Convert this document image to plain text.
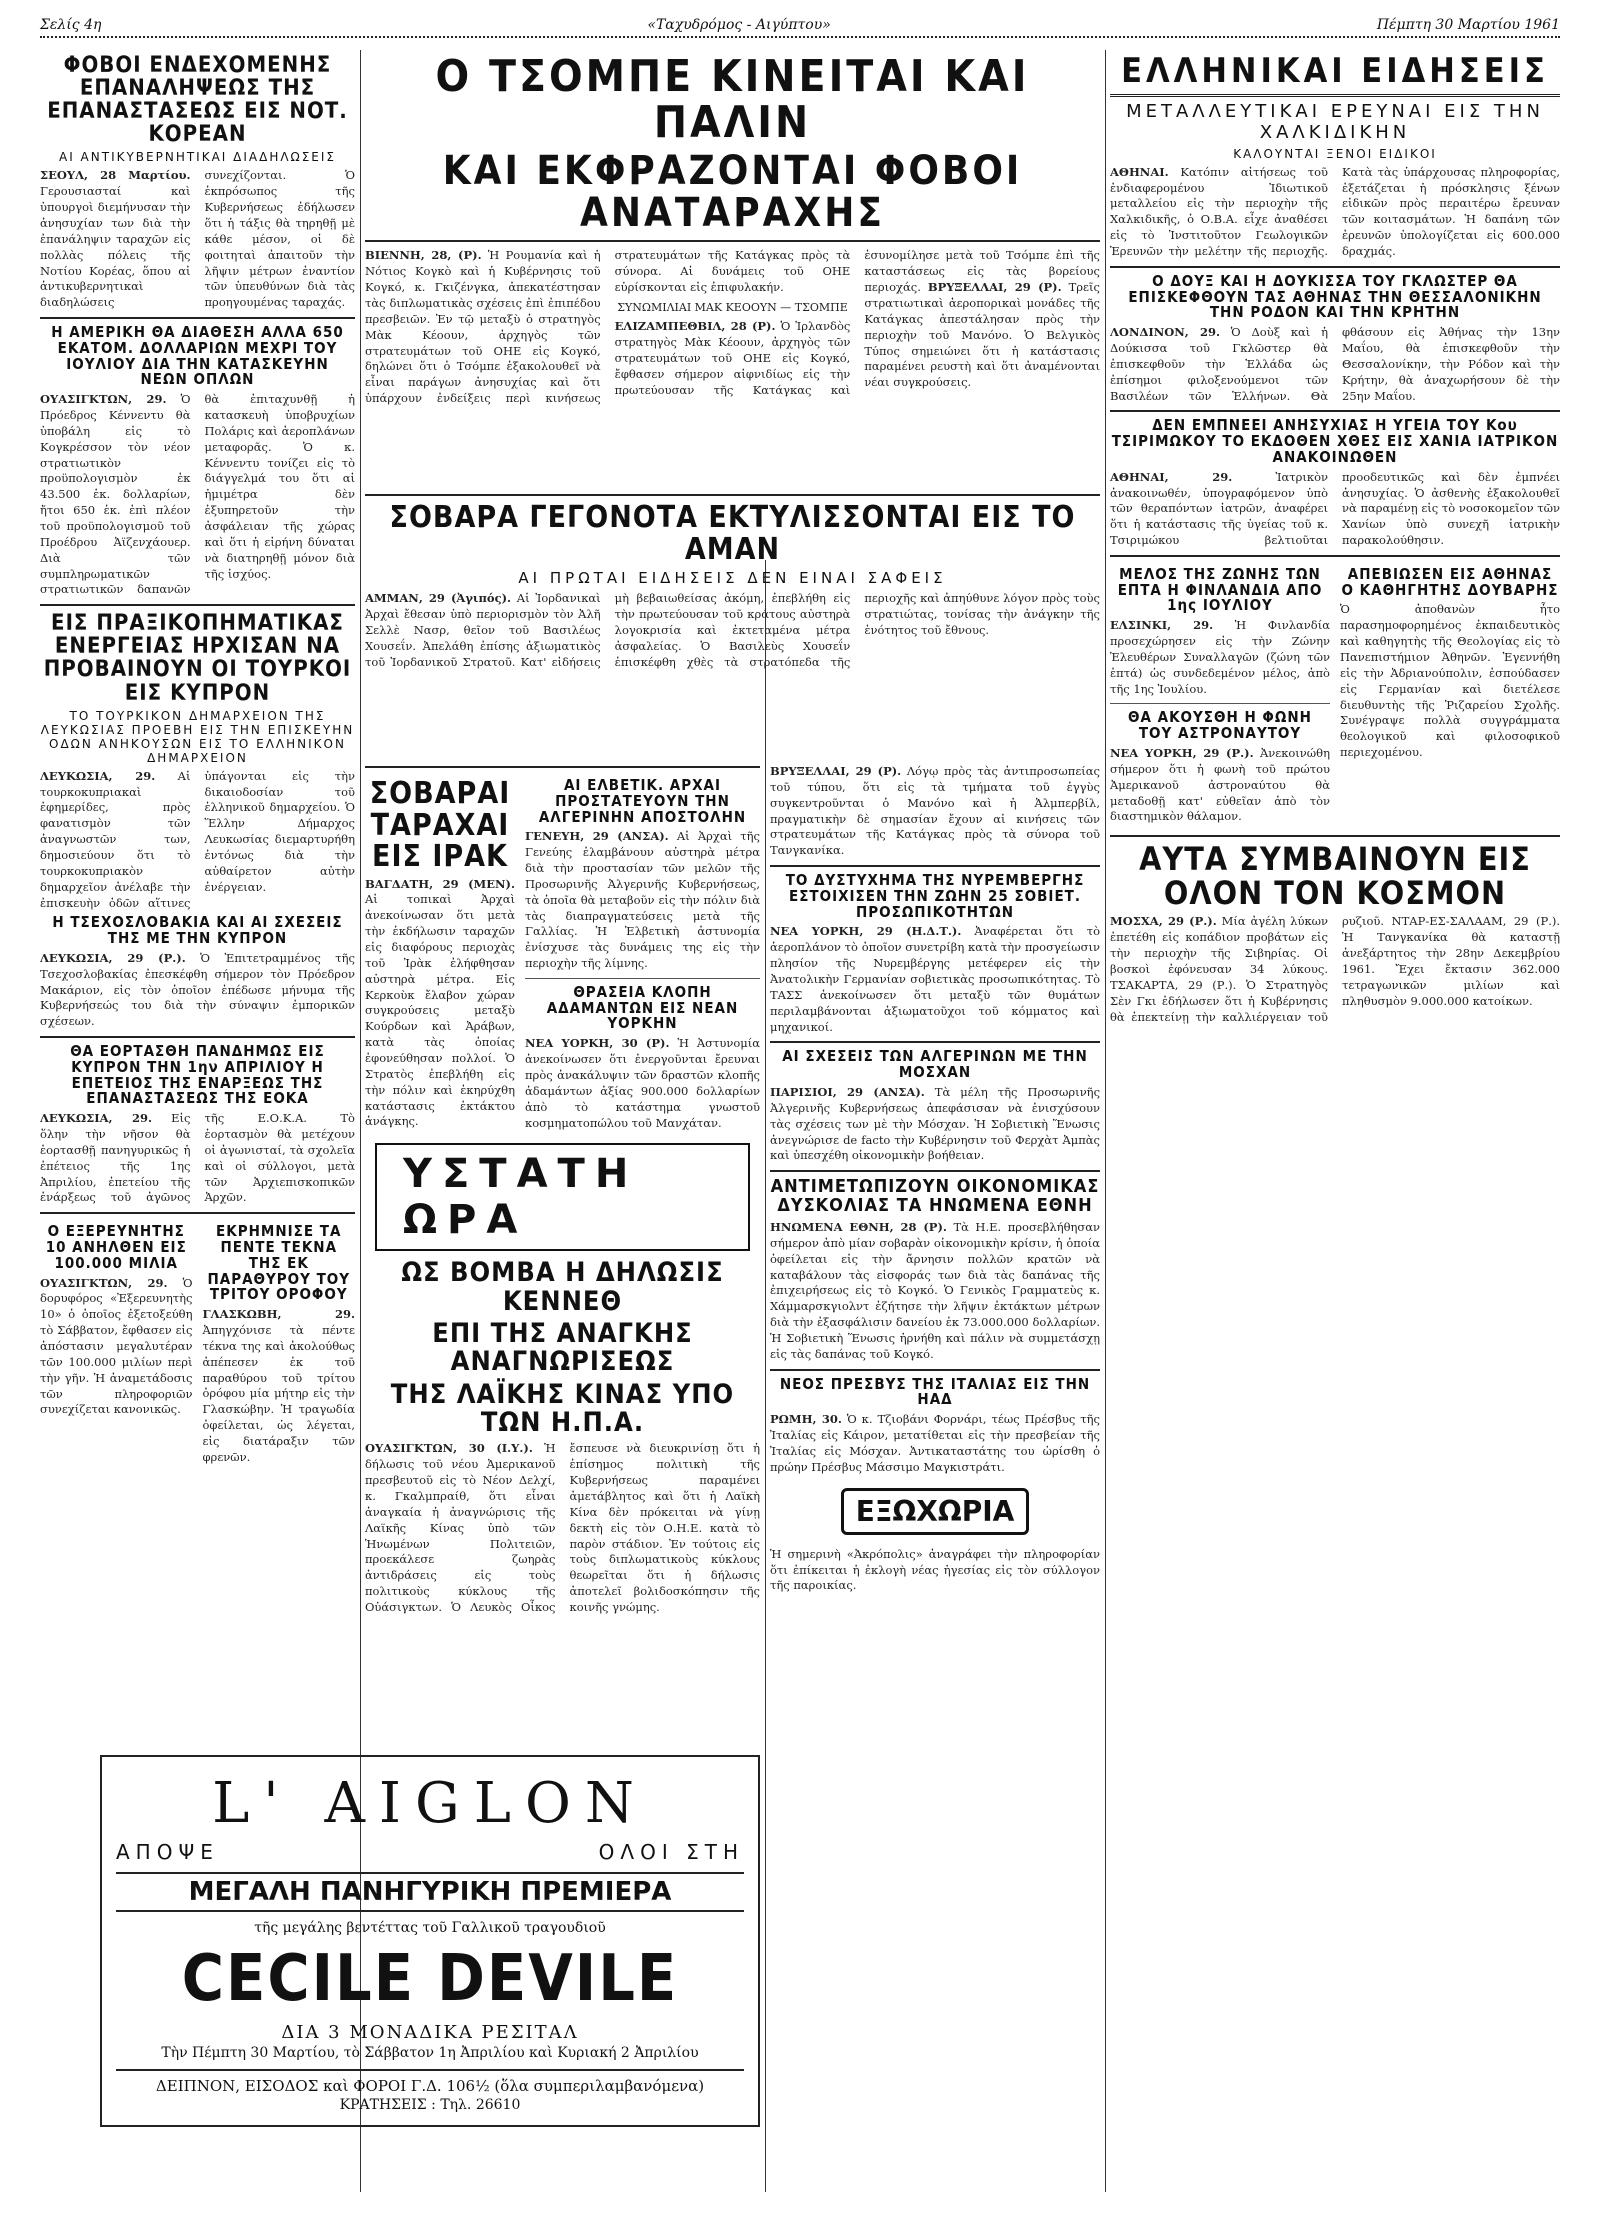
Σελίς 4η	«Ταχυδρόμος - Αιγύπτου»	Πέμπτη 30 Μαρτίου 1961
ΦΟΒΟΙ ΕΝΔΕΧΟΜΕΝΗΣ ΕΠΑΝΑΛΗΨΕΩΣ ΤΗΣ ΕΠΑΝΑΣΤΑΣΕΩΣ ΕΙΣ ΝΟΤ. ΚΟΡΕΑΝ
ΑΙ ΑΝΤΙΚΥΒΕΡΝΗΤΙΚΑΙ ΔΙΑΔΗΛΩΣΕΙΣ
ΣΕΟΥΛ, 28 Μαρτίου. Γερουσιασταί καὶ ὑπουργοὶ διεμήνυσαν τὴν ἀνησυχίαν των διὰ τὴν ἐπανάληψιν ταραχῶν εἰς πολλὰς πόλεις τῆς Νοτίου Κορέας, ὅπου αἱ ἀντικυβερνητικαὶ διαδηλώσεις συνεχίζονται. Ὁ ἐκπρόσωπος τῆς Κυβερνήσεως ἐδήλωσεν ὅτι ἡ τάξις θὰ τηρηθῇ μὲ κάθε μέσον, οἱ δὲ φοιτηταὶ ἀπαιτοῦν τὴν λῆψιν μέτρων ἐναντίον τῶν ὑπευθύνων διὰ τὰς προηγουμένας ταραχάς.
Η ΑΜΕΡΙΚΗ ΘΑ ΔΙΑΘΕΣΗ ΑΛΛΑ 650 ΕΚΑΤΟΜ. ΔΟΛΛΑΡΙΩΝ ΜΕΧΡΙ ΤΟΥ ΙΟΥΛΙΟΥ ΔΙΑ ΤΗΝ ΚΑΤΑΣΚΕΥΗΝ ΝΕΩΝ ΟΠΛΩΝ
ΟΥΑΣΙΓΚΤΩΝ, 29. Ὁ Πρόεδρος Κέννεντυ θὰ ὑποβάλη εἰς τὸ Κογκρέσσον τὸν νέον στρατιωτικὸν προϋπολογισμὸν ἐκ 43.500 ἑκ. δολλαρίων, ἤτοι 650 ἑκ. ἐπὶ πλέον τοῦ προϋπολογισμοῦ τοῦ Προέδρου Ἀϊζενχάουερ. Διὰ τῶν συμπληρωματικῶν στρατιωτικῶν δαπανῶν θὰ ἐπιταχυνθῇ ἡ κατασκευὴ ὑποβρυχίων Πολάρις καὶ ἀεροπλάνων μεταφορᾶς. Ὁ κ. Κέννεντυ τονίζει εἰς τὸ διάγγελμά του ὅτι αἱ ἡμιμέτρα δὲν ἐξυπηρετοῦν τὴν ἀσφάλειαν τῆς χώρας καὶ ὅτι ἡ εἰρήνη δύναται νὰ διατηρηθῇ μόνον διὰ τῆς ἰσχύος.
ΕΙΣ ΠΡΑΞΙΚΟΠΗΜΑΤΙΚΑΣ ΕΝΕΡΓΕΙΑΣ ΗΡΧΙΣΑΝ ΝΑ ΠΡΟΒΑΙΝΟΥΝ ΟΙ ΤΟΥΡΚΟΙ ΕΙΣ ΚΥΠΡΟΝ
ΤΟ ΤΟΥΡΚΙΚΟΝ ΔΗΜΑΡΧΕΙΟΝ ΤΗΣ ΛΕΥΚΩΣΙΑΣ ΠΡΟΕΒΗ ΕΙΣ ΤΗΝ ΕΠΙΣΚΕΥΗΝ ΟΔΩΝ ΑΝΗΚΟΥΣΩΝ ΕΙΣ ΤΟ ΕΛΛΗΝΙΚΟΝ ΔΗΜΑΡΧΕΙΟΝ
ΛΕΥΚΩΣΙΑ, 29. Αἱ τουρκοκυπριακαὶ ἐφημερίδες, πρὸς φανατισμὸν τῶν ἀναγνωστῶν των, δημοσιεύουν ὅτι τὸ τουρκοκυπριακὸν δημαρχεῖον ἀνέλαβε τὴν ἐπισκευὴν ὁδῶν αἵτινες ὑπάγονται εἰς τὴν δικαιοδοσίαν τοῦ ἑλληνικοῦ δημαρχείου. Ὁ Ἕλλην Δήμαρχος Λευκωσίας διεμαρτυρήθη ἐντόνως διὰ τὴν αὐθαίρετον αὐτὴν ἐνέργειαν.
Η ΤΣΕΧΟΣΛΟΒΑΚΙΑ ΚΑΙ ΑΙ ΣΧΕΣΕΙΣ ΤΗΣ ΜΕ ΤΗΝ ΚΥΠΡΟΝ
ΛΕΥΚΩΣΙΑ, 29 (Ρ.). Ὁ Ἐπιτετραμμένος τῆς Τσεχοσλοβακίας ἐπεσκέφθη σήμερον τὸν Πρόεδρον Μακάριον, εἰς τὸν ὁποῖον ἐπέδωσε μήνυμα τῆς Κυβερνήσεώς του διὰ τὴν σύναψιν ἐμπορικῶν σχέσεων.
ΘΑ ΕΟΡΤΑΣΘΗ ΠΑΝΔΗΜΩΣ ΕΙΣ ΚΥΠΡΟΝ ΤΗΝ 1ην ΑΠΡΙΛΙΟΥ Η ΕΠΕΤΕΙΟΣ ΤΗΣ ΕΝΑΡΞΕΩΣ ΤΗΣ ΕΠΑΝΑΣΤΑΣΕΩΣ ΤΗΣ ΕΟΚΑ
ΛΕΥΚΩΣΙΑ, 29. Εἰς ὅλην τὴν νῆσον θὰ ἑορτασθῇ πανηγυρικῶς ἡ ἐπέτειος τῆς 1ης Ἀπριλίου, ἐπετείου τῆς ἐνάρξεως τοῦ ἀγῶνος τῆς Ε.Ο.Κ.Α. Τὸ ἑορτασμὸν θὰ μετέχουν οἱ ἀγωνισταί, τὰ σχολεῖα καὶ οἱ σύλλογοι, μετὰ τῶν Ἀρχιεπισκοπικῶν Ἀρχῶν.
Ο ΕΞΕΡΕΥΝΗΤΗΣ 10 ΑΝΗΛΘΕΝ ΕΙΣ 100.000 ΜΙΛΙΑ
ΟΥΑΣΙΓΚΤΩΝ, 29. Ὁ δορυφόρος «Ἐξερευνητὴς 10» ὁ ὁποῖος ἐξετοξεύθη τὸ Σάββατον, ἔφθασεν εἰς ἀπόστασιν μεγαλυτέραν τῶν 100.000 μιλίων περὶ τὴν γῆν. Ἡ ἀναμετάδοσις τῶν πληροφοριῶν συνεχίζεται κανονικῶς.
ΕΚΡΗΜΝΙΣΕ ΤΑ ΠΕΝΤΕ ΤΕΚΝΑ ΤΗΣ ΕΚ ΠΑΡΑΘΥΡΟΥ ΤΟΥ ΤΡΙΤΟΥ ΟΡΟΦΟΥ
ΓΛΑΣΚΩΒΗ, 29. Ἀπηγχόνισε τὰ πέντε τέκνα της καὶ ἀκολούθως ἀπέπεσεν ἐκ τοῦ παραθύρου τοῦ τρίτου ὀρόφου μία μήτηρ εἰς τὴν Γλασκώβην. Ἡ τραγωδία ὀφείλεται, ὡς λέγεται, εἰς διατάραξιν τῶν φρενῶν.
L' AIGLON
ΑΠΟΨΕ	ΟΛΟΙ ΣΤΗ
ΜΕΓΑΛΗ ΠΑΝΗΓΥΡΙΚΗ ΠΡΕΜΙΕΡΑ
τῆς μεγάλης βεντέττας τοῦ Γαλλικοῦ τραγουδιοῦ
CECILE DEVILE
ΔΙΑ 3 ΜΟΝΑΔΙΚΑ ΡΕΣΙΤΑΛ
Τὴν Πέμπτη 30 Μαρτίου, τὸ Σάββατον 1η Ἀπριλίου καὶ Κυριακή 2 Ἀπριλίου
ΔΕΙΠΝΟΝ, ΕΙΣΟΔΟΣ καὶ ΦΟΡΟΙ Γ.Δ. 106½ (ὅλα συμπεριλαμβανόμενα)
ΚΡΑΤΗΣΕΙΣ : Τηλ. 26610
Ο ΤΣΟΜΠΕ ΚΙΝΕΙΤΑΙ ΚΑΙ ΠΑΛΙΝ
ΚΑΙ ΕΚΦΡΑΖΟΝΤΑΙ ΦΟΒΟΙ ΑΝΑΤΑΡΑΧΗΣ
ΒΙΕΝΝΗ, 28, (Ρ). Ἡ Ρουμανία καὶ ἡ Νότιος Κογκὸ καὶ ἡ Κυβέρνησις τοῦ Κογκό, κ. Γκιζένγκα, ἀπεκατέστησαν τὰς διπλωματικὰς σχέσεις ἐπὶ ἐπιπέδου πρεσβειῶν. Ἐν τῷ μεταξὺ ὁ στρατηγὸς Μὰκ Κέοουν, ἀρχηγὸς τῶν στρατευμάτων τοῦ ΟΗΕ εἰς Κογκό, δηλώνει ὅτι ὁ Τσόμπε ἐξακολουθεῖ νὰ εἶναι παράγων ἀνησυχίας καὶ ὅτι ὑπάρχουν ἐνδείξεις περὶ κινήσεως στρατευμάτων τῆς Κατάγκας πρὸς τὰ σύνορα. Αἱ δυνάμεις τοῦ ΟΗΕ εὑρίσκονται εἰς ἐπιφυλακήν.
ΣΥΝΩΜΙΛΙΑΙ ΜΑΚ ΚΕΟΟΥΝ — ΤΣΟΜΠΕ
ΕΛΙΖΑΜΠΕΘΒΙΛ, 28 (Ρ). Ὁ Ἰρλανδὸς στρατηγὸς Μὰκ Κέοουν, ἀρχηγὸς τῶν στρατευμάτων τοῦ ΟΗΕ εἰς Κογκό, ἔφθασεν σήμερον αἰφνιδίως εἰς τὴν πρωτεύουσαν τῆς Κατάγκας καὶ ἐσυνομίλησε μετὰ τοῦ Τσόμπε ἐπὶ τῆς καταστάσεως εἰς τὰς βορείους περιοχάς. ΒΡΥΞΕΛΛΑΙ, 29 (Ρ). Τρεῖς στρατιωτικαὶ ἀεροπορικαὶ μονάδες τῆς Κατάγκας ἀπεστάλησαν πρὸς τὴν περιοχὴν τοῦ Μανόνο. Ὁ Βελγικὸς Τύπος σημειώνει ὅτι ἡ κατάστασις παραμένει ρευστὴ καὶ ὅτι ἀναμένονται νέαι συγκρούσεις.
ΣΟΒΑΡΑ ΓΕΓΟΝΟΤΑ ΕΚΤΥΛΙΣΣΟΝΤΑΙ ΕΙΣ ΤΟ ΑΜΑΝ
ΑΙ ΠΡΩΤΑΙ ΕΙΔΗΣΕΙΣ ΔΕΝ ΕΙΝΑΙ ΣΑΦΕΙΣ
ΑΜΜΑΝ, 29 (Ἀγιπός). Αἱ Ἰορδανικαὶ Ἀρχαὶ ἔθεσαν ὑπὸ περιορισμὸν τὸν Ἀλῆ Σελλὲ Νασρ, θεῖον τοῦ Βασιλέως Χουσεΐν. Ἀπελάθη ἐπίσης ἀξιωματικὸς τοῦ Ἰορδανικοῦ Στρατοῦ. Κατ' εἰδήσεις μὴ βεβαιωθείσας ἀκόμη, ἐπεβλήθη εἰς τὴν πρωτεύουσαν τοῦ κράτους αὐστηρὰ λογοκρισία καὶ ἐκτεταμένα μέτρα ἀσφαλείας. Ὁ Βασιλεὺς Χουσεΐν ἐπισκέφθη χθὲς τὰ στρατόπεδα τῆς περιοχῆς καὶ ἀπηύθυνε λόγον πρὸς τοὺς στρατιώτας, τονίσας τὴν ἀνάγκην τῆς ἑνότητος τοῦ ἔθνους.
ΣΟΒΑΡΑΙ ΤΑΡΑΧΑΙ ΕΙΣ ΙΡΑΚ
ΒΑΓΔΑΤΗ, 29 (ΜΕΝ). Αἱ τοπικαὶ Ἀρχαὶ ἀνεκοίνωσαν ὅτι μετὰ τὴν ἐκδήλωσιν ταραχῶν εἰς διαφόρους περιοχὰς τοῦ Ἰρὰκ ἐλήφθησαν αὐστηρὰ μέτρα. Εἰς Κερκοὺκ ἔλαβον χώραν συγκρούσεις μεταξὺ Κούρδων καὶ Ἀράβων, κατὰ τὰς ὁποίας ἐφονεύθησαν πολλοί. Ὁ Στρατὸς ἐπεβλήθη εἰς τὴν πόλιν καὶ ἐκηρύχθη κατάστασις ἐκτάκτου ἀνάγκης.
ΑΙ ΕΛΒΕΤΙΚ. ΑΡΧΑΙ ΠΡΟΣΤΑΤΕΥΟΥΝ ΤΗΝ ΑΛΓΕΡΙΝΗΝ ΑΠΟΣΤΟΛΗΝ
ΓΕΝΕΥΗ, 29 (ΑΝΣΑ). Αἱ Ἀρχαὶ τῆς Γενεύης ἐλαμβάνουν αὐστηρὰ μέτρα διὰ τὴν προστασίαν τῶν μελῶν τῆς Προσωρινῆς Ἀλγερινῆς Κυβερνήσεως, τὰ ὁποῖα θὰ μεταβοῦν εἰς τὴν πόλιν διὰ τὰς διαπραγματεύσεις μετὰ τῆς Γαλλίας. Ἡ Ἑλβετικὴ ἀστυνομία ἐνίσχυσε τὰς δυνάμεις της εἰς τὴν περιοχὴν τῆς λίμνης.
ΘΡΑΣΕΙΑ ΚΛΟΠΗ ΑΔΑΜΑΝΤΩΝ ΕΙΣ ΝΕΑΝ ΥΟΡΚΗΝ
ΝΕΑ ΥΟΡΚΗ, 30 (Ρ). Ἡ Ἀστυνομία ἀνεκοίνωσεν ὅτι ἐνεργοῦνται ἔρευναι πρὸς ἀνακάλυψιν τῶν δραστῶν κλοπῆς ἀδαμάντων ἀξίας 900.000 δολλαρίων ἀπὸ τὸ κατάστημα γνωστοῦ κοσμηματοπώλου τοῦ Μανχάταν.
ΥΣΤΑΤΗ ΩΡΑ
ΩΣ ΒΟΜΒΑ Η ΔΗΛΩΣΙΣ ΚΕΝΝΕΘ
ΕΠΙ ΤΗΣ ΑΝΑΓΚΗΣ ΑΝΑΓΝΩΡΙΣΕΩΣ
ΤΗΣ ΛΑΪΚΗΣ ΚΙΝΑΣ ΥΠΟ ΤΩΝ Η.Π.Α.
ΟΥΑΣΙΓΚΤΩΝ, 30 (Ι.Υ.). Ἡ δήλωσις τοῦ νέου Ἀμερικανοῦ πρεσβευτοῦ εἰς τὸ Νέον Δελχί, κ. Γκαλμπραίθ, ὅτι εἶναι ἀναγκαία ἡ ἀναγνώρισις τῆς Λαϊκῆς Κίνας ὑπὸ τῶν Ἡνωμένων Πολιτειῶν, προεκάλεσε ζωηρὰς ἀντιδράσεις εἰς τοὺς πολιτικοὺς κύκλους τῆς Οὐάσιγκτων. Ὁ Λευκὸς Οἶκος ἔσπευσε νὰ διευκρινίσῃ ὅτι ἡ ἐπίσημος πολιτικὴ τῆς Κυβερνήσεως παραμένει ἀμετάβλητος καὶ ὅτι ἡ Λαϊκὴ Κίνα δὲν πρόκειται νὰ γίνῃ δεκτὴ εἰς τὸν Ο.Η.Ε. κατὰ τὸ παρὸν στάδιον. Ἐν τούτοις εἰς τοὺς διπλωματικοὺς κύκλους θεωρεῖται ὅτι ἡ δήλωσις ἀποτελεῖ βολιδοσκόπησιν τῆς κοινῆς γνώμης.
ΒΡΥΞΕΛΛΑΙ, 29 (Ρ). Λόγῳ πρὸς τὰς ἀντιπροσωπείας τοῦ τύπου, ὅτι εἰς τὰ τμήματα τοῦ ἐγγὺς συγκεντροῦνται ὁ Μανόνο καὶ ἡ Ἀλμπερβίλ, πραγματικὴν δὲ σημασίαν ἔχουν αἱ κινήσεις τῶν στρατευμάτων τῆς Κατάγκας πρὸς τὰ σύνορα τοῦ Τανγκανίκα.
ΤΟ ΔΥΣΤΥΧΗΜΑ ΤΗΣ ΝΥΡΕΜΒΕΡΓΗΣ ΕΣΤΟΙΧΙΣΕΝ ΤΗΝ ΖΩΗΝ 25 ΣΟΒΙΕΤ. ΠΡΟΣΩΠΙΚΟΤΗΤΩΝ
ΝΕΑ ΥΟΡΚΗ, 29 (Η.Δ.Τ.). Ἀναφέρεται ὅτι τὸ ἀεροπλάνον τὸ ὁποῖον συνετρίβη κατὰ τὴν προσγείωσιν πλησίον τῆς Νυρεμβέργης μετέφερεν εἰς τὴν Ἀνατολικὴν Γερμανίαν σοβιετικὰς προσωπικότητας. Τὸ ΤΑΣΣ ἀνεκοίνωσεν ὅτι μεταξὺ τῶν θυμάτων περιλαμβάνονται ἀξιωματοῦχοι τοῦ κόμματος καὶ μηχανικοί.
ΑΙ ΣΧΕΣΕΙΣ ΤΩΝ ΑΛΓΕΡΙΝΩΝ ΜΕ ΤΗΝ ΜΟΣΧΑΝ
ΠΑΡΙΣΙΟΙ, 29 (ΑΝΣΑ). Τὰ μέλη τῆς Προσωρινῆς Ἀλγερινῆς Κυβερνήσεως ἀπεφάσισαν νὰ ἐνισχύσουν τὰς σχέσεις των μὲ τὴν Μόσχαν. Ἡ Σοβιετικὴ Ἕνωσις ἀνεγνώρισε de facto τὴν Κυβέρνησιν τοῦ Φερχὰτ Ἀμπὰς καὶ ὑπεσχέθη οἰκονομικὴν βοήθειαν.
ΑΝΤΙΜΕΤΩΠΙΖΟΥΝ ΟΙΚΟΝΟΜΙΚΑΣ ΔΥΣΚΟΛΙΑΣ ΤΑ ΗΝΩΜΕΝΑ ΕΘΝΗ
ΗΝΩΜΕΝΑ ΕΘΝΗ, 28 (Ρ). Τὰ Η.Ε. προσεβλήθησαν σήμερον ἀπὸ μίαν σοβαρὰν οἰκονομικὴν κρίσιν, ἡ ὁποία ὀφείλεται εἰς τὴν ἄρνησιν πολλῶν κρατῶν νὰ καταβάλουν τὰς εἰσφοράς των διὰ τὰς δαπάνας τῆς ἐπιχειρήσεως εἰς τὸ Κογκό. Ὁ Γενικὸς Γραμματεὺς κ. Χάμμαρσκγιολντ ἐζήτησε τὴν λῆψιν ἐκτάκτων μέτρων διὰ τὴν ἐξασφάλισιν δανείου ἐκ 73.000.000 δολλαρίων. Ἡ Σοβιετικὴ Ἕνωσις ἠρνήθη καὶ πάλιν νὰ συμμετάσχῃ εἰς τὰς δαπάνας τοῦ Κογκό.
ΝΕΟΣ ΠΡΕΣΒΥΣ ΤΗΣ ΙΤΑΛΙΑΣ ΕΙΣ ΤΗΝ ΗΑΔ
ΡΩΜΗ, 30. Ὁ κ. Τζιοβάνι Φορνάρι, τέως Πρέσβυς τῆς Ἰταλίας εἰς Κάιρον, μετατίθεται εἰς τὴν πρεσβείαν τῆς Ἰταλίας εἰς Μόσχαν. Ἀντικαταστάτης του ὠρίσθη ὁ πρώην Πρέσβυς Μάσσιμο Μαγκιστράτι.
ΕΞΩΧΩΡΙΑ
Ἡ σημερινὴ «Ἀκρόπολις» ἀναγράφει τὴν πληροφορίαν ὅτι ἐπίκειται ἡ ἐκλογὴ νέας ἡγεσίας εἰς τὸν σύλλογον τῆς παροικίας.
ΕΛΛΗΝΙΚΑΙ ΕΙΔΗΣΕΙΣ
ΜΕΤΑΛΛΕΥΤΙΚΑΙ ΕΡΕΥΝΑΙ ΕΙΣ ΤΗΝ ΧΑΛΚΙΔΙΚΗΝ
ΚΑΛΟΥΝΤΑΙ ΞΕΝΟΙ ΕΙΔΙΚΟΙ
ΑΘΗΝΑΙ. Κατόπιν αἰτήσεως τοῦ ἐνδιαφερομένου Ἰδιωτικοῦ μεταλλείου εἰς τὴν περιοχὴν τῆς Χαλκιδικῆς, ὁ Ο.Β.Α. εἶχε ἀναθέσει εἰς τὸ Ἰνστιτοῦτον Γεωλογικῶν Ἐρευνῶν τὴν μελέτην τῆς περιοχῆς. Κατὰ τὰς ὑπάρχουσας πληροφορίας, ἐξετάζεται ἡ πρόσκλησις ξένων εἰδικῶν πρὸς περαιτέρω ἔρευναν τῶν κοιτασμάτων. Ἡ δαπάνη τῶν ἐρευνῶν ὑπολογίζεται εἰς 600.000 δραχμάς.
Ο ΔΟΥΞ ΚΑΙ Η ΔΟΥΚΙΣΣΑ ΤΟΥ ΓΚΛΩΣΤΕΡ ΘΑ ΕΠΙΣΚΕΦΘΟΥΝ ΤΑΣ ΑΘΗΝΑΣ ΤΗΝ ΘΕΣΣΑΛΟΝΙΚΗΝ ΤΗΝ ΡΟΔΟΝ ΚΑΙ ΤΗΝ ΚΡΗΤΗΝ
ΛΟΝΔΙΝΟΝ, 29. Ὁ Δοὺξ καὶ ἡ Δούκισσα τοῦ Γκλῶστερ θὰ ἐπισκεφθοῦν τὴν Ἑλλάδα ὡς ἐπίσημοι φιλοξενούμενοι τῶν Βασιλέων τῶν Ἑλλήνων. Θὰ φθάσουν εἰς Ἀθήνας τὴν 13ην Μαΐου, θὰ ἐπισκεφθοῦν τὴν Θεσσαλονίκην, τὴν Ρόδον καὶ τὴν Κρήτην, θὰ ἀναχωρήσουν δὲ τὴν 25ην Μαΐου.
ΔΕΝ ΕΜΠΝΕΕΙ ΑΝΗΣΥΧΙΑΣ Η ΥΓΕΙΑ ΤΟΥ Κου ΤΣΙΡΙΜΩΚΟΥ ΤΟ ΕΚΔΟΘΕΝ ΧΘΕΣ ΕΙΣ ΧΑΝΙΑ ΙΑΤΡΙΚΟΝ ΑΝΑΚΟΙΝΩΘΕΝ
ΑΘΗΝΑΙ, 29.	Ἰατρικὸν ἀνακοινωθέν, ὑπογραφόμενον ὑπὸ τῶν θεραπόντων ἰατρῶν, ἀναφέρει ὅτι ἡ κατάστασις τῆς ὑγείας τοῦ κ. Τσιριμώκου βελτιοῦται προοδευτικῶς καὶ δὲν ἐμπνέει ἀνησυχίας. Ὁ ἀσθενὴς ἐξακολουθεῖ νὰ παραμένῃ εἰς τὸ νοσοκομεῖον τῶν Χανίων ὑπὸ συνεχῆ ἰατρικὴν παρακολούθησιν.
ΜΕΛΟΣ ΤΗΣ ΖΩΝΗΣ ΤΩΝ ΕΠΤΑ Η ΦΙΝΛΑΝΔΙΑ ΑΠΟ 1ης ΙΟΥΛΙΟΥ
ΕΛΣΙΝΚΙ, 29. Ἡ Φινλανδία προσεχώρησεν εἰς τὴν Ζώνην Ἐλευθέρων Συναλλαγῶν (ζώνη τῶν ἑπτά) ὡς συνδεδεμένον μέλος, ἀπὸ τῆς 1ης Ἰουλίου.
ΘΑ ΑΚΟΥΣΘΗ Η ΦΩΝΗ ΤΟΥ ΑΣΤΡΟΝΑΥΤΟΥ
ΝΕΑ ΥΟΡΚΗ, 29 (Ρ.). Ἀνεκοινώθη σήμερον ὅτι ἡ φωνὴ τοῦ πρώτου Ἀμερικανοῦ ἀστροναύτου θὰ μεταδοθῇ κατ' εὐθεῖαν ἀπὸ τὸν διαστημικὸν θάλαμον.
ΑΠΕΒΙΩΣΕΝ ΕΙΣ ΑΘΗΝΑΣ Ο ΚΑΘΗΓΗΤΗΣ ΔΟΥΒΑΡΗΣ
Ὁ ἀποθανὼν ἦτο παρασημοφορημένος ἐκπαιδευτικὸς καὶ καθηγητὴς τῆς Θεολογίας εἰς τὸ Πανεπιστήμιον Ἀθηνῶν. Ἐγεννήθη εἰς τὴν Ἀδριανούπολιν, ἐσπούδασεν εἰς Γερμανίαν καὶ διετέλεσε διευθυντὴς τῆς Ῥιζαρείου Σχολῆς. Συνέγραψε πολλὰ συγγράμματα θεολογικοῦ καὶ φιλοσοφικοῦ περιεχομένου.
ΑΥΤΑ ΣΥΜΒΑΙΝΟΥΝ ΕΙΣ ΟΛΟΝ ΤΟΝ ΚΟΣΜΟΝ
ΜΟΣΧΑ, 29 (Ρ.). Μία ἀγέλη λύκων ἐπετέθη εἰς κοπάδιον προβάτων εἰς τὴν περιοχὴν τῆς Σιβηρίας. Οἱ βοσκοὶ ἐφόνευσαν 34 λύκους. ΤΣΑΚΑΡΤΑ, 29 (Ρ.). Ὁ Στρατηγὸς Σὲν Γκι ἐδήλωσεν ὅτι ἡ Κυβέρνησις θὰ ἐπεκτείνῃ τὴν καλλιέργειαν τοῦ ρυζιοῦ. ΝΤΑΡ-ΕΣ-ΣΑΛΑΑΜ, 29 (Ρ.). Ἡ Τανγκανίκα θὰ καταστῇ ἀνεξάρτητος τὴν 28ην Δεκεμβρίου 1961. Ἔχει ἔκτασιν 362.000 τετραγωνικῶν μιλίων καὶ πληθυσμὸν 9.000.000 κατοίκων.
